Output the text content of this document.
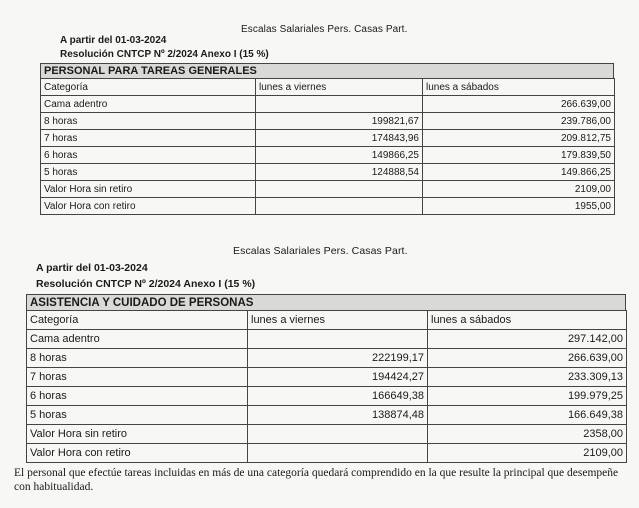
Escalas Salariales Pers. Casas Part.
A partir del 01-03-2024
Resolución CNTCP Nº 2/2024 Anexo I (15 %)
PERSONAL PARA TAREAS GENERALES
Categoría	lunes a viernes	lunes a sábados
Cama adentro		266.639,00
8 horas	199821,67	239.786,00
7 horas	174843,96	209.812,75
6 horas	149866,25	179.839,50
5 horas	124888,54	149.866,25
Valor Hora sin retiro		2109,00
Valor Hora con retiro		1955,00
Escalas Salariales Pers. Casas Part.
A partir del 01-03-2024
Resolución CNTCP Nº 2/2024 Anexo I (15 %)
ASISTENCIA Y CUIDADO DE PERSONAS
Categoría	lunes a viernes	lunes a sábados
Cama adentro		297.142,00
8 horas	222199,17	266.639,00
7 horas	194424,27	233.309,13
6 horas	166649,38	199.979,25
5 horas	138874,48	166.649,38
Valor Hora sin retiro		2358,00
Valor Hora con retiro		2109,00
El personal que efectúe tareas incluidas en más de una categoría quedará comprendido en la que resulte la principal que desempeñe con habitualidad.
